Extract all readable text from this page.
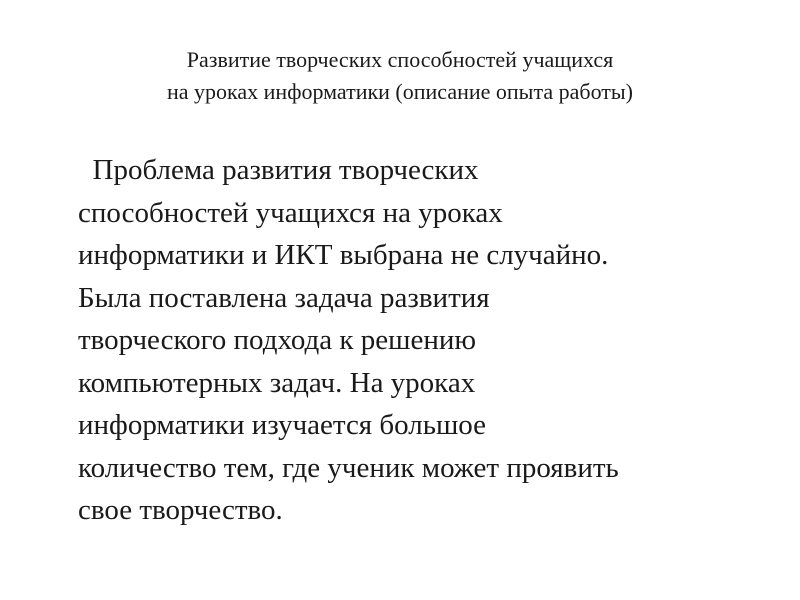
Развитие творческих способностей учащихся
на уроках информатики (описание опыта работы)
Проблема развития творческих
способностей учащихся на уроках
информатики и ИКТ выбрана не случайно.
Была поставлена задача развития
творческого подхода к решению
компьютерных задач. На уроках
информатики изучается большое
количество тем, где ученик может проявить
свое творчество.
